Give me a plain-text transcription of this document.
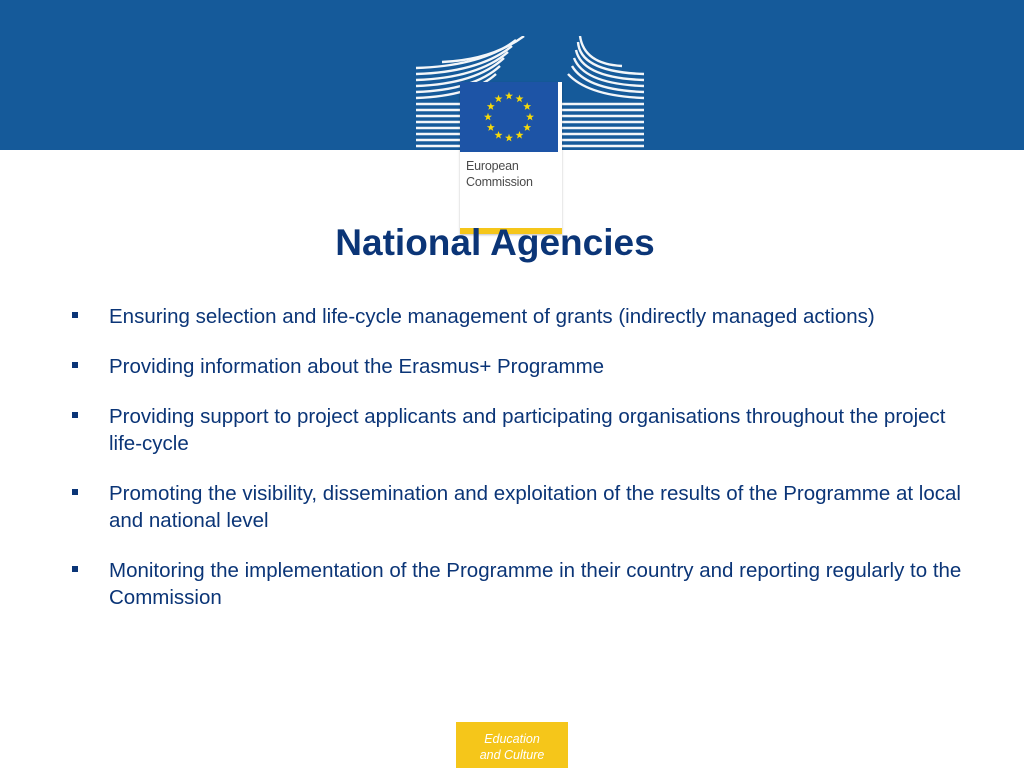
European
Commission
National Agencies
Ensuring selection and life-cycle management of grants (indirectly managed actions)
Providing information about the Erasmus+ Programme
Providing support to project applicants and participating organisations throughout the project life-cycle
Promoting the visibility, dissemination and exploitation of the results of the Programme at local and national level
Monitoring the implementation of the Programme in their country and reporting regularly to the Commission
Education
and Culture
